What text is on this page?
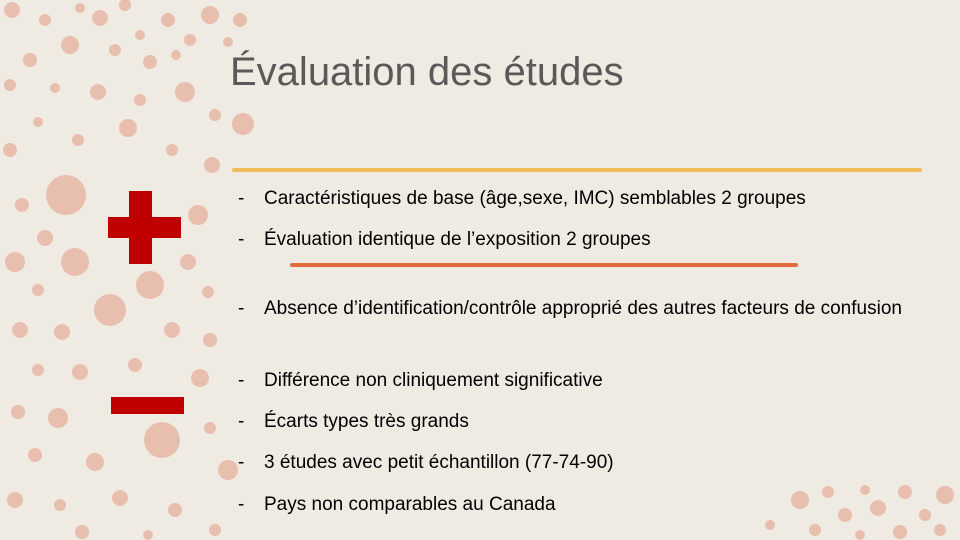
Évaluation des études
-	Caractéristiques de base (âge,sexe, IMC) semblables 2 groupes
-	Évaluation identique de l’exposition 2 groupes
-	Absence d’identification/contrôle approprié des autres facteurs de confusion
-	Différence non cliniquement significative
-	Écarts types très grands
-	3 études avec petit échantillon (77-74-90)
-	Pays non comparables au Canada
